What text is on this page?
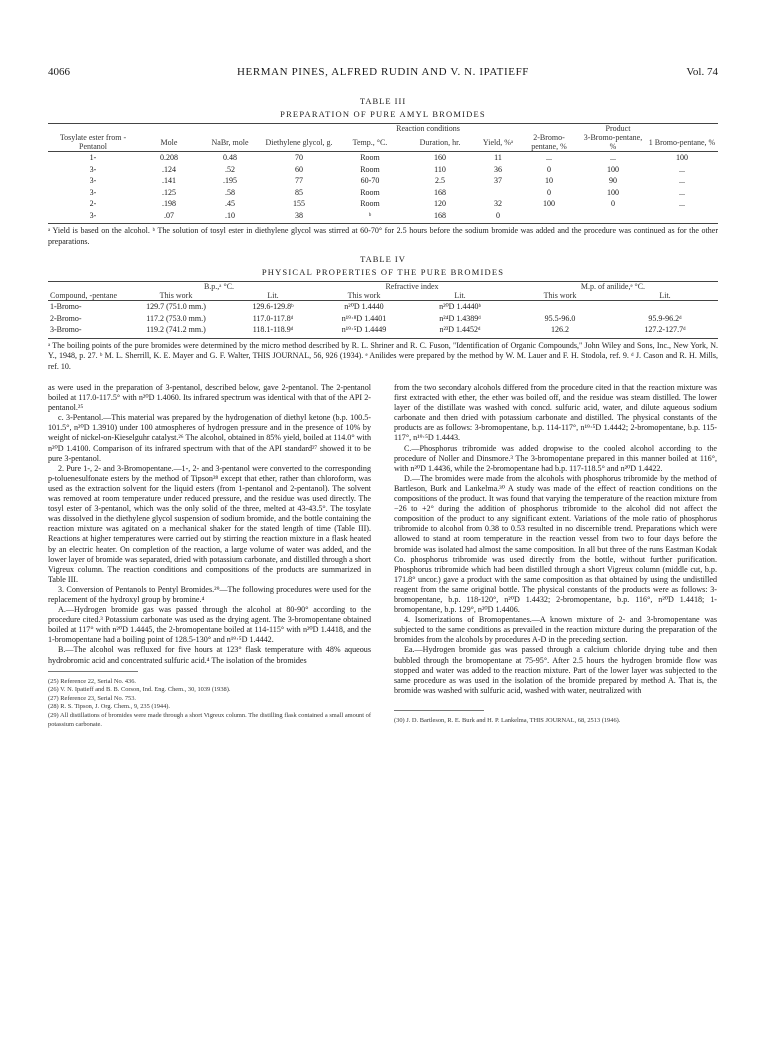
4066	HERMAN PINES, ALFRED RUDIN AND V. N. IPATIEFF	Vol. 74
TABLE III
PREPARATION OF PURE AMYL BROMIDES
				Reaction conditions			Product		
Tosylate ester from -Pentanol	Mole	NaBr, mole	Diethylene glycol, g.	Temp., °C.	Duration, hr.	Yield, %ᵃ	2-Bromo-pentane, %	3-Bromo-pentane, %	1 Bromo-pentane, %
1-	0.208	0.48	70	Room	160	11	...	...	100
3-	.124	.52	60	Room	110	36	0	100	...
3-	.141	.195	77	60-70	2.5	37	10	90	...
3-	.125	.58	85	Room	168		0	100	...
2-	.198	.45	155	Room	120	32	100	0	...
3-	.07	.10	38	ᵇ	168	0			
ᵃ Yield is based on the alcohol. ᵇ The solution of tosyl ester in diethylene glycol was stirred at 60-70° for 2.5 hours before the sodium bromide was added and the procedure was continued as for the other preparations.
TABLE IV
PHYSICAL PROPERTIES OF THE PURE BROMIDES
	B.p.,ᵃ °C.		Refractive index		M.p. of anilide,ᵉ °C.	
Compound, -pentane	This work	Lit.	This work	Lit.	This work	Lit.
1-Bromo-	129.7 (751.0 mm.)	129.6-129.8ᵇ	n²⁰D 1.4440	n²⁰D 1.4440ᵇ		
2-Bromo-	117.2 (753.0 mm.)	117.0-117.8ᵈ	n¹⁹·⁸D 1.4401	n²⁴D 1.4389ᵈ	95.5-96.0	95.9-96.2ᵈ
3-Bromo-	119.2 (741.2 mm.)	118.1-118.9ᵈ	n¹⁹·⁵D 1.4449	n²³D 1.4452ᵈ	126.2	127.2-127.7ᵈ
ᵃ The boiling points of the pure bromides were determined by the micro method described by R. L. Shriner and R. C. Fuson, "Identification of Organic Compounds," John Wiley and Sons, Inc., New York, N. Y., 1948, p. 27. ᵇ M. L. Sherrill, K. E. Mayer and G. F. Walter, THIS JOURNAL, 56, 926 (1934). ᵉ Anilides were prepared by the method by W. M. Lauer and F. H. Stodola, ref. 9. ᵈ J. Cason and R. H. Mills, ref. 10.

as were used in the preparation of 3-pentanol, described below, gave 2-pentanol. The 2-pentanol boiled at 117.0-117.5° with n²⁰D 1.4060. Its infrared spectrum was identical with that of the API 2-pentanol.²⁵

c. 3-Pentanol.—This material was prepared by the hydrogenation of diethyl ketone (b.p. 100.5-101.5°, n²⁰D 1.3910) under 100 atmospheres of hydrogen pressure and in the presence of 10% by weight of nickel-on-Kieselguhr catalyst.²⁶ The alcohol, obtained in 85% yield, boiled at 114.0° with n²⁰D 1.4100. Comparison of its infrared spectrum with that of the API standard²⁷ showed it to be pure 3-pentanol.

2. Pure 1-, 2- and 3-Bromopentane.—1-, 2- and 3-pentanol were converted to the corresponding p-toluenesulfonate esters by the method of Tipson²⁸ except that ether, rather than chloroform, was used as the extraction solvent for the liquid esters (from 1-pentanol and 2-pentanol). The solvent was removed at room temperature under reduced pressure, and the residue was used directly. The tosyl ester of 3-pentanol, which was the only solid of the three, melted at 43-43.5°. The tosylate was dissolved in the diethylene glycol suspension of sodium bromide, and the bottle containing the reaction mixture was agitated on a mechanical shaker for the stated length of time (Table III). Reactions at higher temperatures were carried out by stirring the reaction mixture in a flask heated by an electric heater. On completion of the reaction, a large volume of water was added, and the lower layer of bromide was separated, dried with potassium carbonate, and distilled through a short Vigreux column. The reaction conditions and compositions of the products are summarized in Table III.

3. Conversion of Pentanols to Pentyl Bromides.²⁹—The following procedures were used for the replacement of the hydroxyl group by bromine.⁴

A.—Hydrogen bromide gas was passed through the alcohol at 80-90° according to the procedure cited.³ Potassium carbonate was used as the drying agent. The 3-bromopentane obtained boiled at 117° with n²⁰D 1.4445, the 2-bromopentane boiled at 114-115° with n²⁰D 1.4418, and the 1-bromopentane had a boiling point of 128.5-130° and n¹⁹·⁵D 1.4442.

B.—The alcohol was refluxed for five hours at 123° flask temperature with 48% aqueous hydrobromic acid and concentrated sulfuric acid.⁴ The isolation of the bromides

(25) Reference 22, Serial No. 436.
(26) V. N. Ipatieff and B. B. Corson, Ind. Eng. Chem., 30, 1039 (1938).
(27) Reference 23, Serial No. 753.
(28) R. S. Tipson, J. Org. Chem., 9, 235 (1944).
(29) All distillations of bromides were made through a short Vigreux column. The distilling flask contained a small amount of potassium carbonate.

from the two secondary alcohols differed from the procedure cited in that the reaction mixture was first extracted with ether, the ether was boiled off, and the residue was steam distilled. The lower layer of the distillate was washed with concd. sulfuric acid, water, and dilute aqueous sodium carbonate and then dried with potassium carbonate and distilled. The physical constants of the products are as follows: 3-bromopentane, b.p. 114-117°, n¹⁹·⁵D 1.4442; 2-bromopentane, b.p. 115-117°, n¹⁹·⁵D 1.4443.

C.—Phosphorus tribromide was added dropwise to the cooled alcohol according to the procedure of Noller and Dinsmore.³ The 3-bromopentane prepared in this manner boiled at 116°, with n²⁰D 1.4436, while the 2-bromopentane had b.p. 117-118.5° and n²⁰D 1.4422.

D.—The bromides were made from the alcohols with phosphorus tribromide by the method of Bartleson, Burk and Lankelma.³⁰ A study was made of the effect of reaction conditions on the compositions of the product. It was found that varying the temperature of the reaction mixture from −26 to +2° during the addition of phosphorus tribromide to the alcohol did not affect the composition of the product to any significant extent. Variations of the mole ratio of phosphorus tribromide to alcohol from 0.38 to 0.53 resulted in no discernible trend. Preparations which were allowed to stand at room temperature in the reaction vessel from two to four days before the bromide was isolated had almost the same composition. In all but three of the runs Eastman Kodak Co. phosphorus tribromide was used directly from the bottle, without further purification. Phosphorus tribromide which had been distilled through a short Vigreux column (middle cut, b.p. 171.8° uncor.) gave a product with the same composition as that obtained by using the undistilled reagent from the same original bottle. The physical constants of the products were as follows: 3-bromopentane, b.p. 118-120°, n²⁰D 1.4432; 2-bromopentane, b.p. 116°, n²⁰D 1.4418; 1-bromopentane, b.p. 129°, n²⁰D 1.4406.

4. Isomerizations of Bromopentanes.—A known mixture of 2- and 3-bromopentane was subjected to the same conditions as prevailed in the reaction mixture during the preparation of the bromides from the alcohols by procedures A-D in the preceding section.

Ea.—Hydrogen bromide gas was passed through a calcium chloride drying tube and then bubbled through the bromopentane at 75-95°. After 2.5 hours the hydrogen bromide flow was stopped and water was added to the reaction mixture. Part of the lower layer was subjected to the same procedure as was used in the isolation of the bromide prepared by method A. That is, the bromide was washed with sulfuric acid, washed with water, neutralized with

(30) J. D. Bartleson, R. E. Burk and H. P. Lankelma, THIS JOURNAL, 68, 2513 (1946).
